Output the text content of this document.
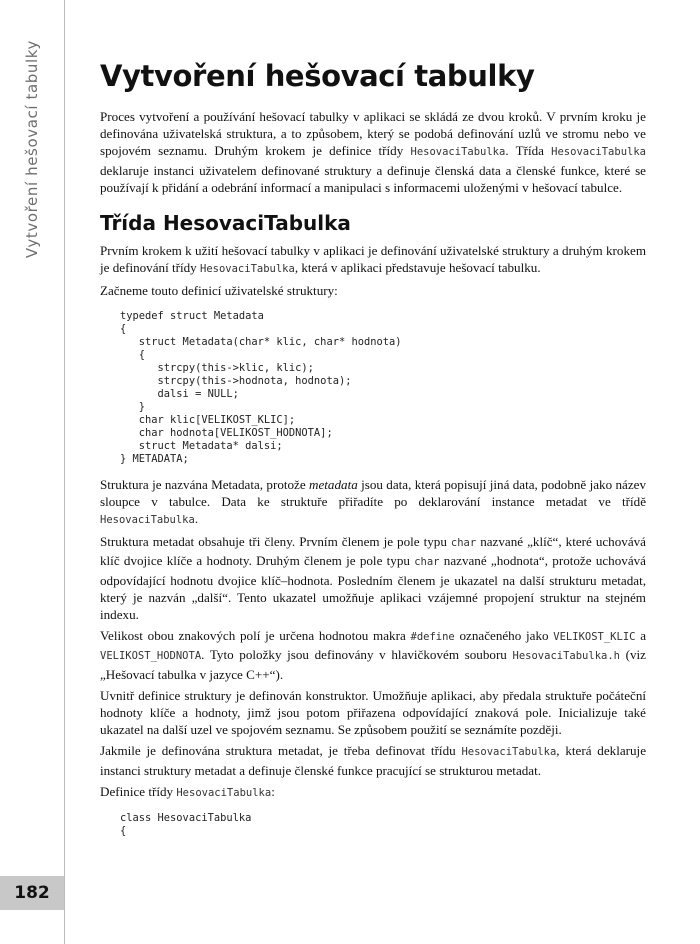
Vytvoření hešovací tabulky
182
Vytvoření hešovací tabulky

Proces vytvoření a používání hešovací tabulky v aplikaci se skládá ze dvou kroků. V prvním kroku je definována uživatelská struktura, a to způsobem, který se podobá definování uzlů ve stromu nebo ve spojovém seznamu. Druhým krokem je definice třídy HesovaciTabulka. Třída HesovaciTabulka deklaruje instanci uživatelem definované struktury a definuje členská data a členské funkce, které se používají k přidání a odebrání informací a manipulaci s informacemi uloženými v hešovací tabulce.

Třída HesovaciTabulka

Prvním krokem k užití hešovací tabulky v aplikaci je definování uživatelské struktury a druhým krokem je definování třídy HesovaciTabulka, která v aplikaci představuje hešovací tabulku.

Začneme touto definicí uživatelské struktury:

typedef struct Metadata
{
struct Metadata(char* klic, char* hodnota)
{
strcpy(this->klic, klic);
strcpy(this->hodnota, hodnota);
dalsi = NULL;
}
char klic[VELIKOST_KLIC];
char hodnota[VELIKOST_HODNOTA];
struct Metadata* dalsi;
} METADATA;

Struktura je nazvána Metadata, protože metadata jsou data, která popisují jiná data, podobně jako název sloupce v tabulce. Data ke struktuře přiřadíte po deklarování instance metadat ve třídě HesovaciTabulka.

Struktura metadat obsahuje tři členy. Prvním členem je pole typu char nazvané „klíč“, které uchovává klíč dvojice klíče a hodnoty. Druhým členem je pole typu char nazvané „hodnota“, protože uchovává odpovídající hodnotu dvojice klíč–hodnota. Posledním členem je ukazatel na další strukturu metadat, který je nazván „další“. Tento ukazatel umožňuje aplikaci vzájemné propojení struktur na stejném indexu.

Velikost obou znakových polí je určena hodnotou makra #define označeného jako VELIKOST_KLIC a VELIKOST_HODNOTA. Tyto položky jsou definovány v hlavičkovém souboru HesovaciTabulka.h (viz „Hešovací tabulka v jazyce C++“).

Uvnitř definice struktury je definován konstruktor. Umožňuje aplikaci, aby předala struktuře počáteční hodnoty klíče a hodnoty, jimž jsou potom přiřazena odpovídající znaková pole. Inicializuje také ukazatel na další uzel ve spojovém seznamu. Se způsobem použití se seznámíte později.

Jakmile je definována struktura metadat, je třeba definovat třídu HesovaciTabulka, která deklaruje instanci struktury metadat a definuje členské funkce pracující se strukturou metadat.

Definice třídy HesovaciTabulka:

class HesovaciTabulka
{
